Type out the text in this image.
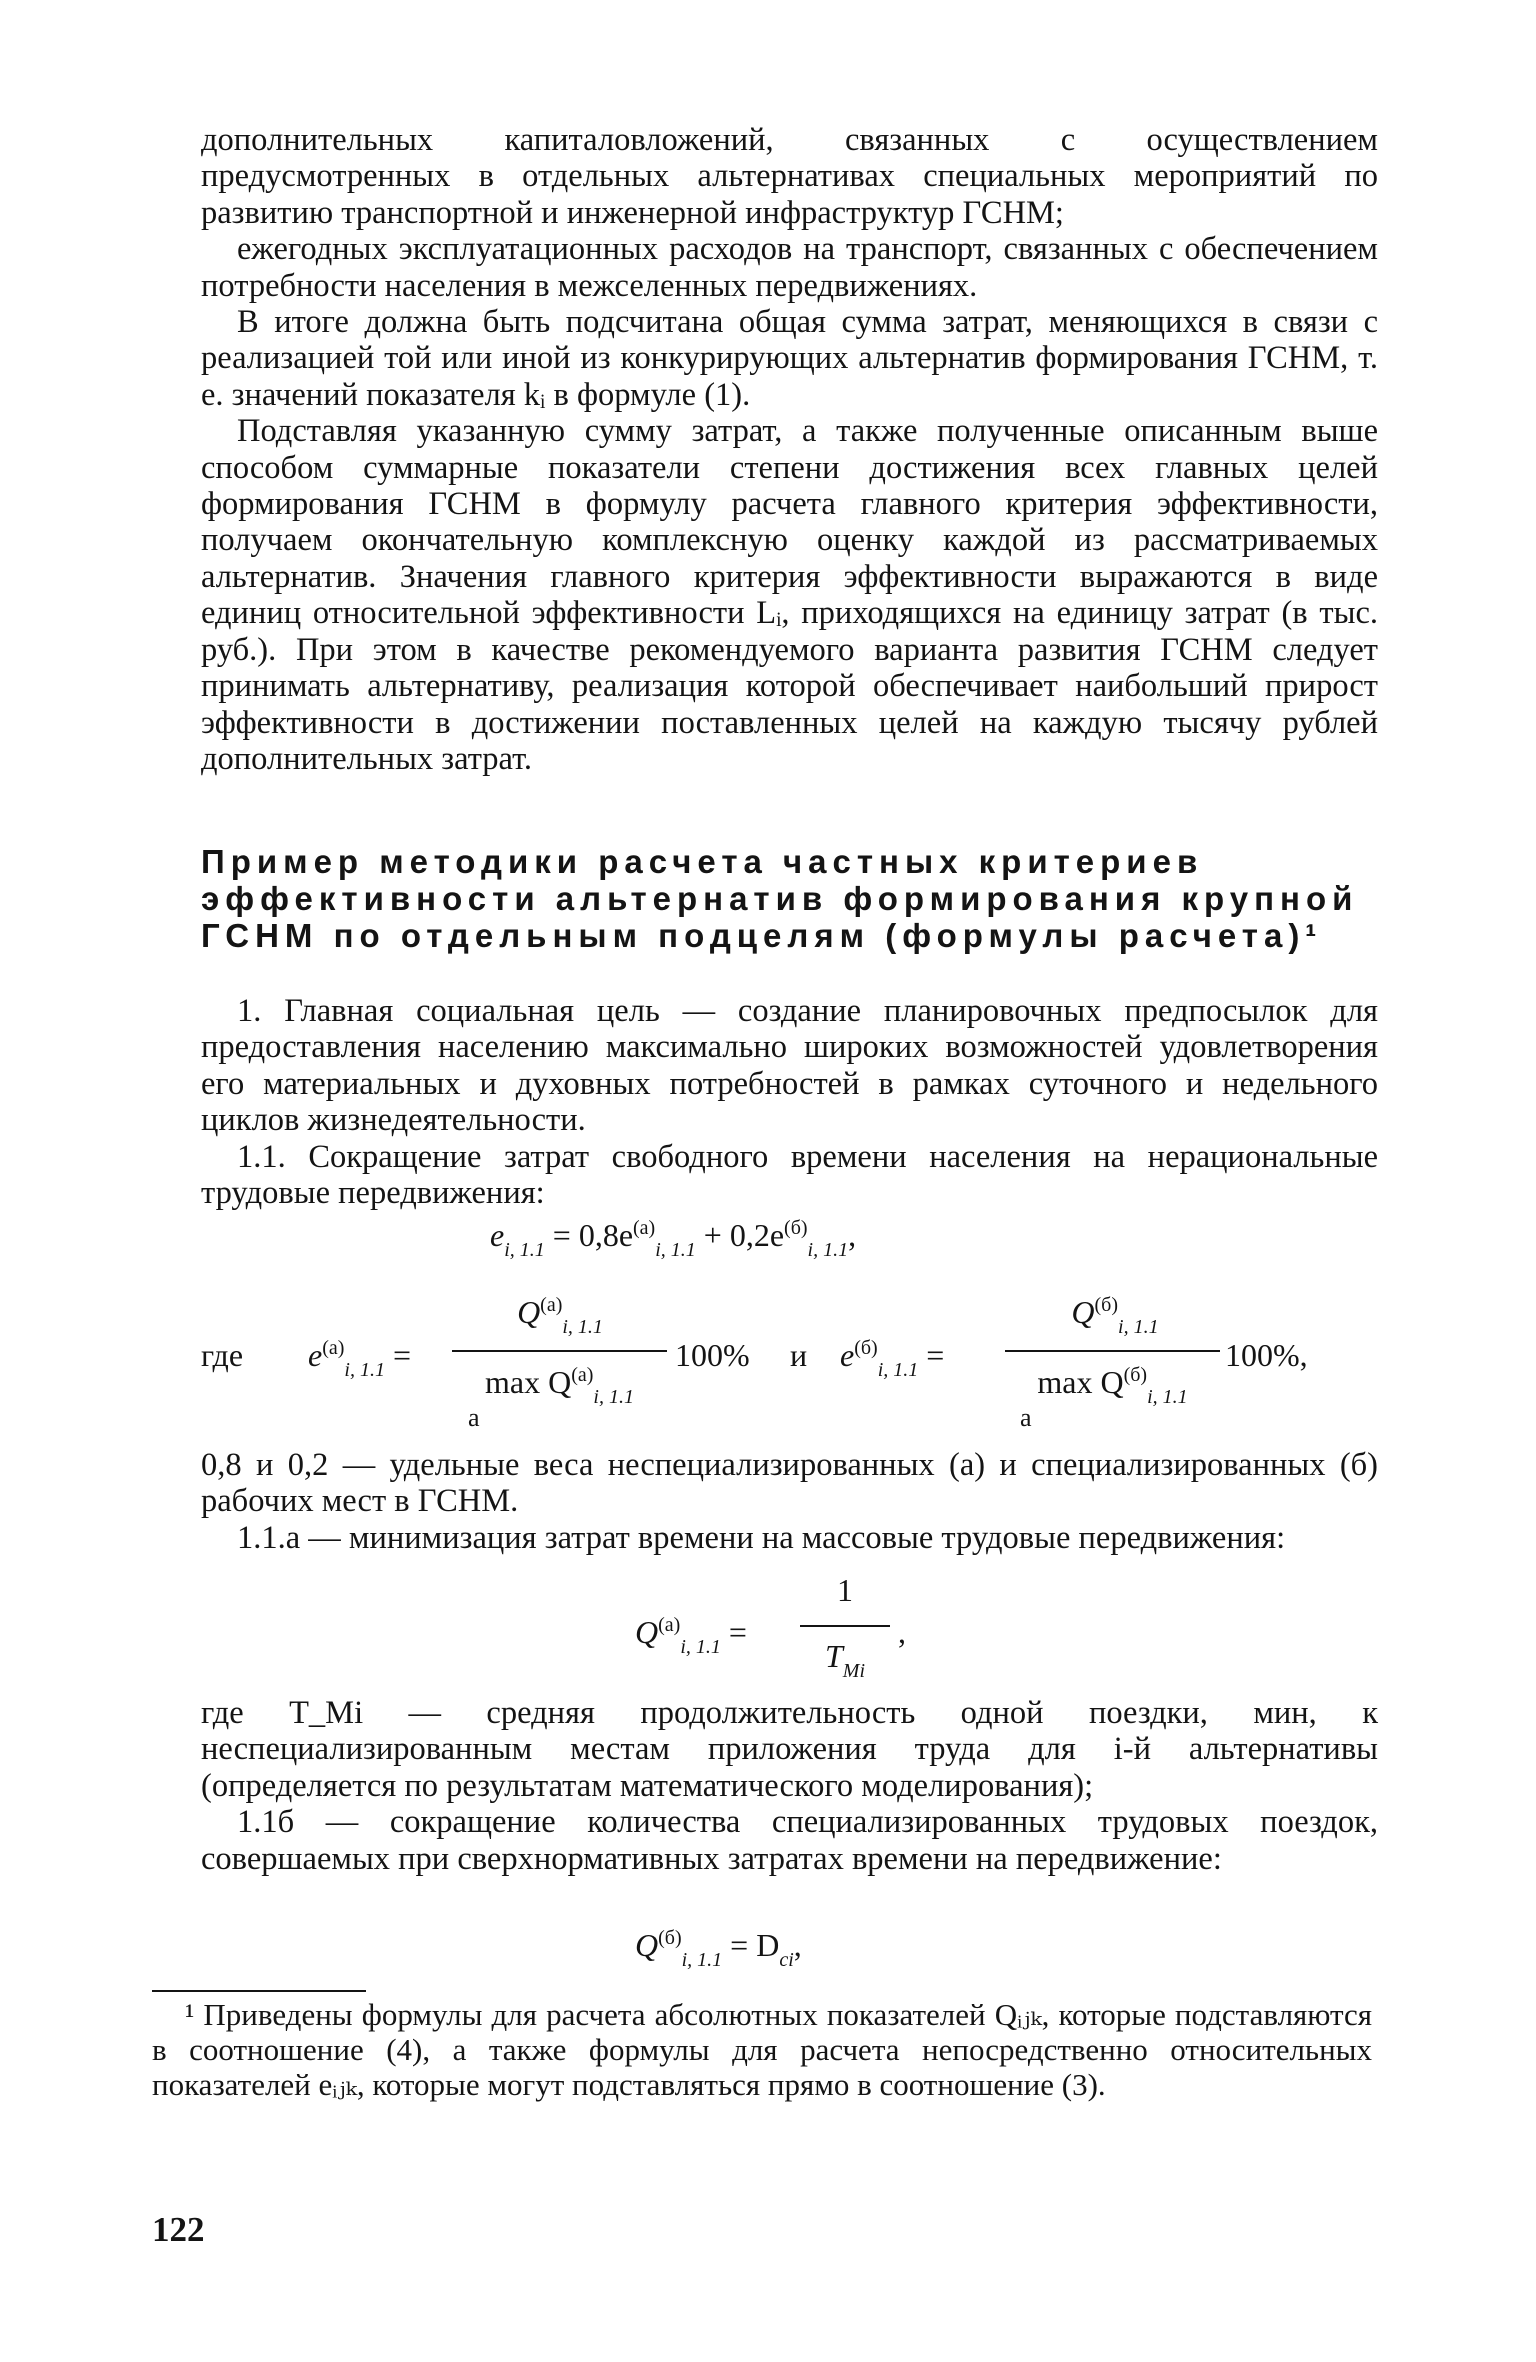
дополнительных капиталовложений, связанных с осуществлением предусмотренных в отдельных альтернативах специальных мероприятий по развитию транспортной и инженерной инфраструктур ГСНМ;

ежегодных эксплуатационных расходов на транспорт, связанных с обеспечением потребности населения в межселенных передвижениях.

В итоге должна быть подсчитана общая сумма затрат, меняющихся в связи с реализацией той или иной из конкурирующих альтернатив формирования ГСНМ, т. е. значений показателя kᵢ в формуле (1).

Подставляя указанную сумму затрат, а также полученные описанным выше способом суммарные показатели степени достижения всех главных целей формирования ГСНМ в формулу расчета главного критерия эффективности, получаем окончательную комплексную оценку каждой из рассматриваемых альтернатив. Значения главного критерия эффективности выражаются в виде единиц относительной эффективности Lᵢ, приходящихся на единицу затрат (в тыс. руб.). При этом в качестве рекомендуемого варианта развития ГСНМ следует принимать альтернативу, реализация которой обеспечивает наибольший прирост эффективности в достижении поставленных целей на каждую тысячу рублей дополнительных затрат.

Пример методики расчета частных критериев
эффективности альтернатив формирования крупной
ГСНМ по отдельным подцелям (формулы расчета)¹

1. Главная социальная цель — создание планировочных предпосылок для предоставления населению максимально широких возможностей удовлетворения его материальных и духовных потребностей в рамках суточного и недельного циклов жизнедеятельности.

1.1. Сокращение затрат свободного времени населения на нерациональные трудовые передвижения:

$e_{i, 1.1} = 0,8e^{(a)}_{i, 1.1} + 0,2e^{(б)}_{i, 1.1}$,
где $e^{(a)}_{i, 1.1}$ =
$Q^{(a)}_{i, 1.1}$
$\max Q^{(a)}_{i, 1.1}$
a
100% и $e^{(б)}_{i, 1.1}$ =
$Q^{(б)}_{i, 1.1}$
$\max Q^{(б)}_{i, 1.1}$
a
100%,

0,8 и 0,2 — удельные веса неспециализированных (а) и специализированных (б) рабочих мест в ГСНМ.

1.1.а — минимизация затрат времени на массовые трудовые передвижения:

$Q^{(a)}_{i, 1.1}$ =
1
$T_{Mi}$
,

где T_Mi — средняя продолжительность одной поездки, мин, к неспециализированным местам приложения труда для i-й альтернативы (определяется по результатам математического моделирования);

1.1б — сокращение количества специализированных трудовых поездок, совершаемых при сверхнормативных затратах времени на передвижение:

$Q^{(б)}_{i, 1.1} = D_{ci}$,

¹ Приведены формулы для расчета абсолютных показателей Qᵢⱼₖ, которые подставляются в соотношение (4), а также формулы для расчета непосредственно относительных показателей eᵢⱼₖ, которые могут подставляться прямо в соотношение (3).

122
